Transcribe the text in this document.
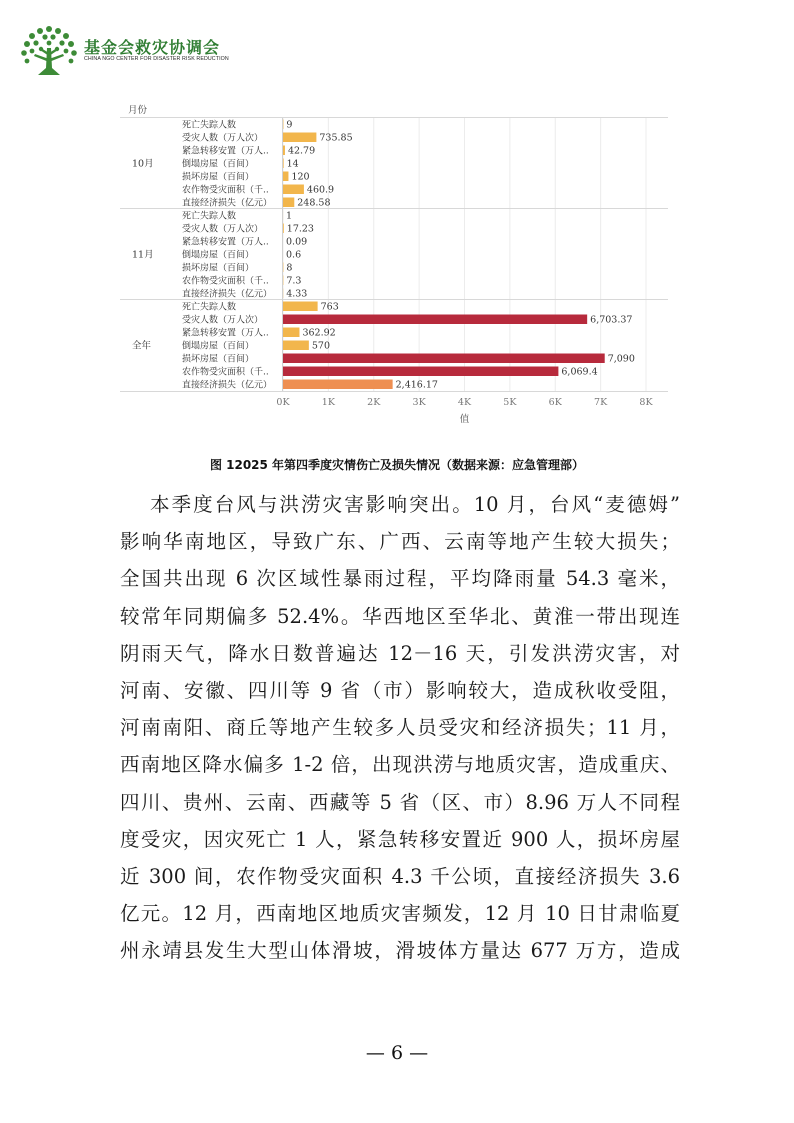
基金会救灾协调会
CHINA NGO CENTER FOR DISASTER RISK REDUCTION
0K	1K	2K	3K	4K	5K	6K	7K	8K
月份
值
10月
死亡失踪人数	9
受灾人数（万人次）	735.85
紧急转移安置（万人.. 42.79
倒塌房屋（百间）	14
损坏房屋（百间）	120
农作物受灾面积（千..	460.9
直接经济损失（亿元）	248.58
11月
死亡失踪人数	1
受灾人数（万人次）	17.23
紧急转移安置（万人.. 0.09
倒塌房屋（百间）	0.6
损坏房屋（百间）	8
农作物受灾面积（千.. 7.3
直接经济损失（亿元） 4.33
全年
死亡失踪人数	763
受灾人数（万人次）	6,703.37
紧急转移安置（万人..	362.92
倒塌房屋（百间）	570
损坏房屋（百间）	7,090
农作物受灾面积（千..	6,069.4
直接经济损失（亿元）	2,416.17
图 12025 年第四季度灾情伤亡及损失情况（数据来源：应急管理部）
本季度台风与洪涝灾害影响突出。10 月，台风“麦德姆”
影响华南地区，导致广东、广西、云南等地产生较大损失；
全国共出现 6 次区域性暴雨过程，平均降雨量 54.3 毫米，
较常年同期偏多 52.4%。华西地区至华北、黄淮一带出现连
阴雨天气，降水日数普遍达 12－16 天，引发洪涝灾害，对
河南、安徽、四川等 9 省（市）影响较大，造成秋收受阻，
河南南阳、商丘等地产生较多人员受灾和经济损失；11 月，
西南地区降水偏多 1-2 倍，出现洪涝与地质灾害，造成重庆、
四川、贵州、云南、西藏等 5 省（区、市）8.96 万人不同程
度受灾，因灾死亡 1 人，紧急转移安置近 900 人，损坏房屋
近 300 间，农作物受灾面积 4.3 千公顷，直接经济损失 3.6
亿元。12 月，西南地区地质灾害频发，12 月 10 日甘肃临夏
州永靖县发生大型山体滑坡，滑坡体方量达 677 万方，造成
— 6 —
